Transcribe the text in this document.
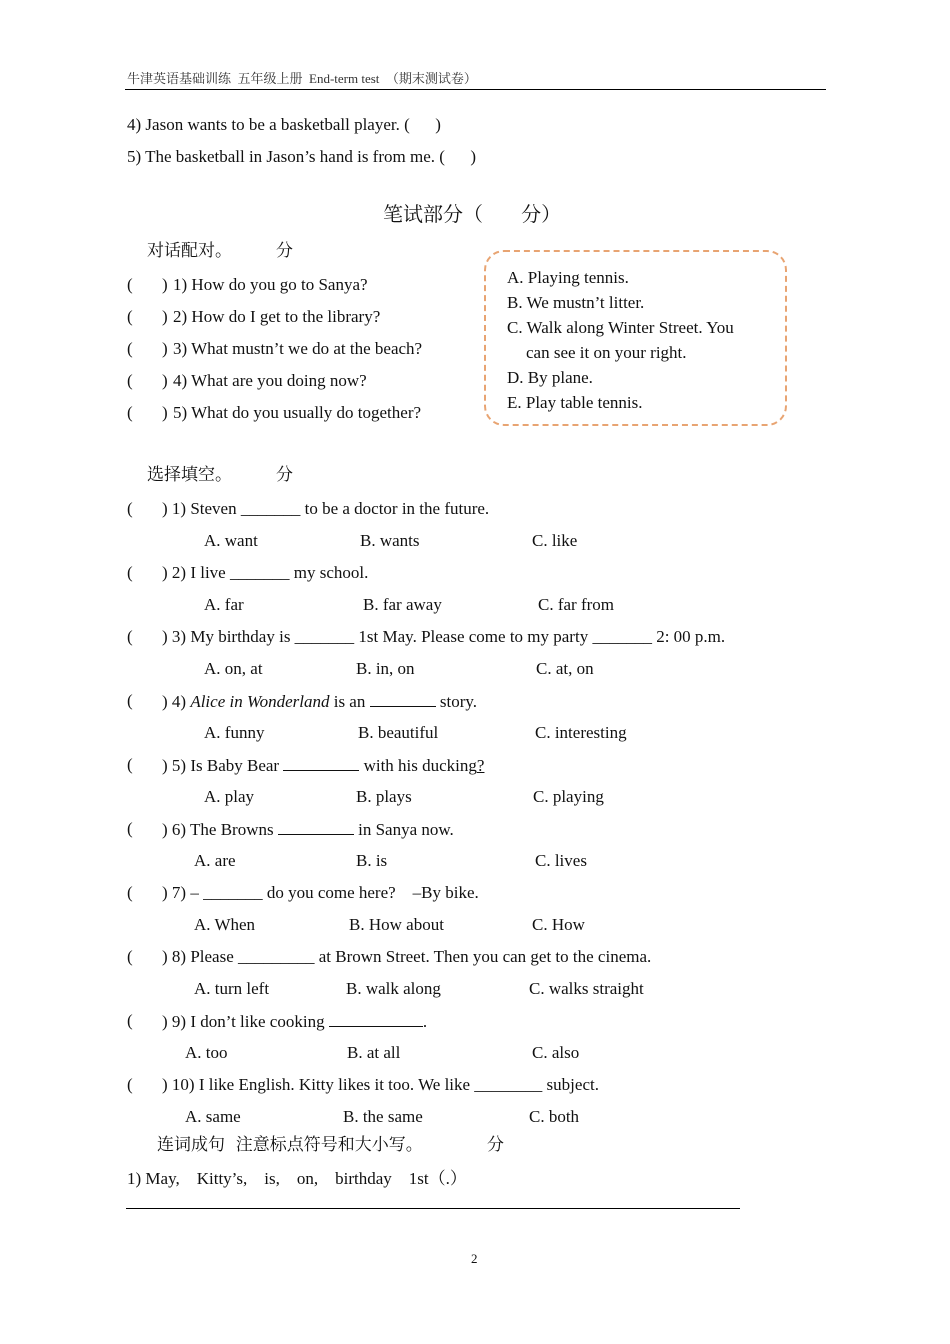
牛津英语基础训练  五年级上册  End-term test  （期末测试卷）
4) Jason wants to be a basketball player. (      )
5) The basketball in Jason’s hand is from me. (      )
笔试部分（      分）
对话配对。	分
( ) 1) How do you go to Sanya?
( ) 2) How do I get to the library?
( ) 3) What mustn’t we do at the beach?
( ) 4) What are you doing now?
( ) 5) What do you usually do together?
A. Playing tennis.
B. We mustn’t litter.
C. Walk along Winter Street. You
can see it on your right.
D. By plane.
E. Play table tennis.
选择填空。	分
( ) 1) Steven _______ to be a doctor in the future.
A. want	B. wants	C. like
( ) 2) I live _______ my school.
A. far	B. far away	C. far from
( ) 3) My birthday is _______ 1st May. Please come to my party _______ 2: 00 p.m.
A. on, at	B. in, on	C. at, on
( ) 4) Alice in Wonderland is an	story.
A. funny	B. beautiful	C. interesting
( ) 5) Is Baby Bear	with his ducking?
A. play	B. plays	C. playing
( ) 6) The Browns	in Sanya now.
A. are	B. is	C. lives
( ) 7) – _______ do you come here?    –By bike.
A. When	B. How about	C. How
( ) 8) Please _________ at Brown Street. Then you can get to the cinema.
A. turn left	B. walk along	C. walks straight
( ) 9) I don’t like cooking	.
A. too	B. at all	C. also
( ) 10) I like English. Kitty likes it too. We like ________ subject.
A. same	B. the same	C. both
连词成句  注意标点符号和大小写。	分
1) May,    Kitty’s,    is,    on,    birthday    1st（.）
2
